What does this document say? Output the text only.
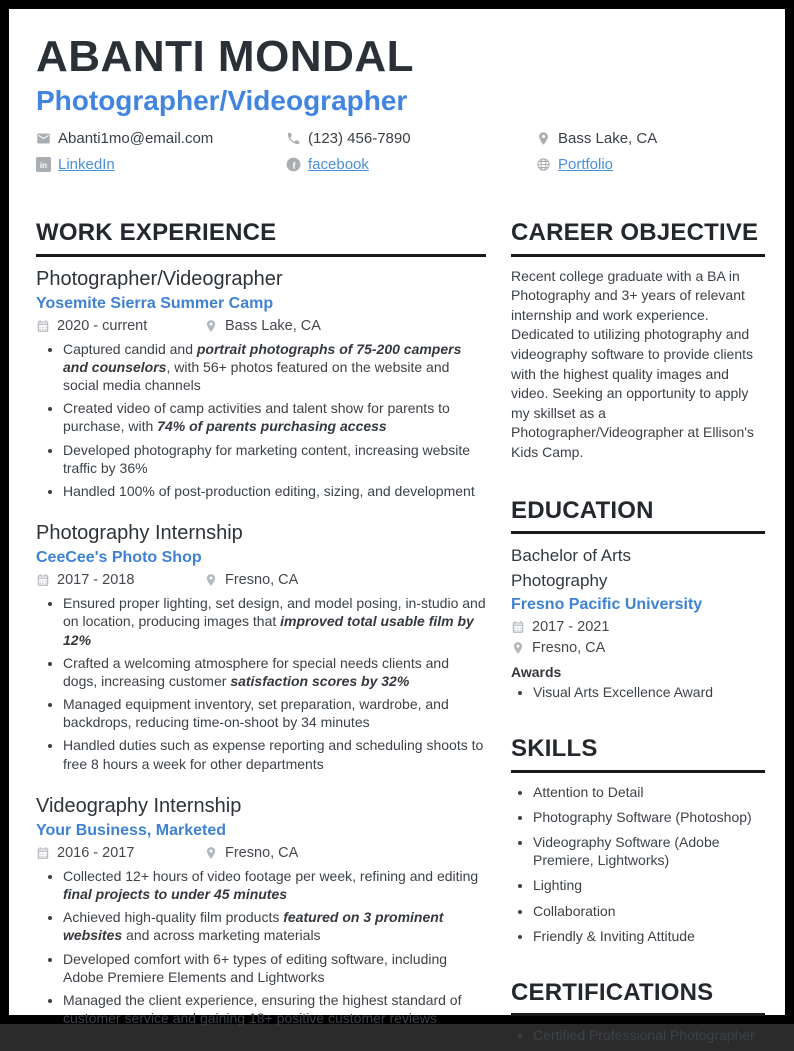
ABANTI MONDAL
Photographer/Videographer
Abanti1mo@email.com	(123) 456-7890	Bass Lake, CA
in LinkedIn	f facebook	Portfolio
WORK EXPERIENCE
Photographer/Videographer
Yosemite Sierra Summer Camp
2020 - current	Bass Lake, CA
• Captured candid and portrait photographs of 75-200 campers and counselors, with 56+ photos featured on the website and social media channels
• Created video of camp activities and talent show for parents to purchase, with 74% of parents purchasing access
• Developed photography for marketing content, increasing website traffic by 36%
• Handled 100% of post-production editing, sizing, and development
Photography Internship
CeeCee's Photo Shop
2017 - 2018	Fresno, CA
• Ensured proper lighting, set design, and model posing, in-studio and on location, producing images that improved total usable film by 12%
• Crafted a welcoming atmosphere for special needs clients and dogs, increasing customer satisfaction scores by 32%
• Managed equipment inventory, set preparation, wardrobe, and backdrops, reducing time-on-shoot by 34 minutes
• Handled duties such as expense reporting and scheduling shoots to free 8 hours a week for other departments
Videography Internship
Your Business, Marketed
2016 - 2017	Fresno, CA
• Collected 12+ hours of video footage per week, refining and editing final projects to under 45 minutes
• Achieved high-quality film products featured on 3 prominent websites and across marketing materials
• Developed comfort with 6+ types of editing software, including Adobe Premiere Elements and Lightworks
• Managed the client experience, ensuring the highest standard of customer service and gaining 18+ positive customer reviews
CAREER OBJECTIVE

Recent college graduate with a BA in Photography and 3+ years of relevant internship and work experience. Dedicated to utilizing photography and videography software to provide clients with the highest quality images and video. Seeking an opportunity to apply my skillset as a Photographer/Videographer at Ellison's Kids Camp.

EDUCATION
Bachelor of Arts
Photography
Fresno Pacific University
2017 - 2021
Fresno, CA
Awards
• Visual Arts Excellence Award
SKILLS
• Attention to Detail
• Photography Software (Photoshop)
• Videography Software (Adobe Premiere, Lightworks)
• Lighting
• Collaboration
• Friendly & Inviting Attitude
CERTIFICATIONS
• Certified Professional Photographer
